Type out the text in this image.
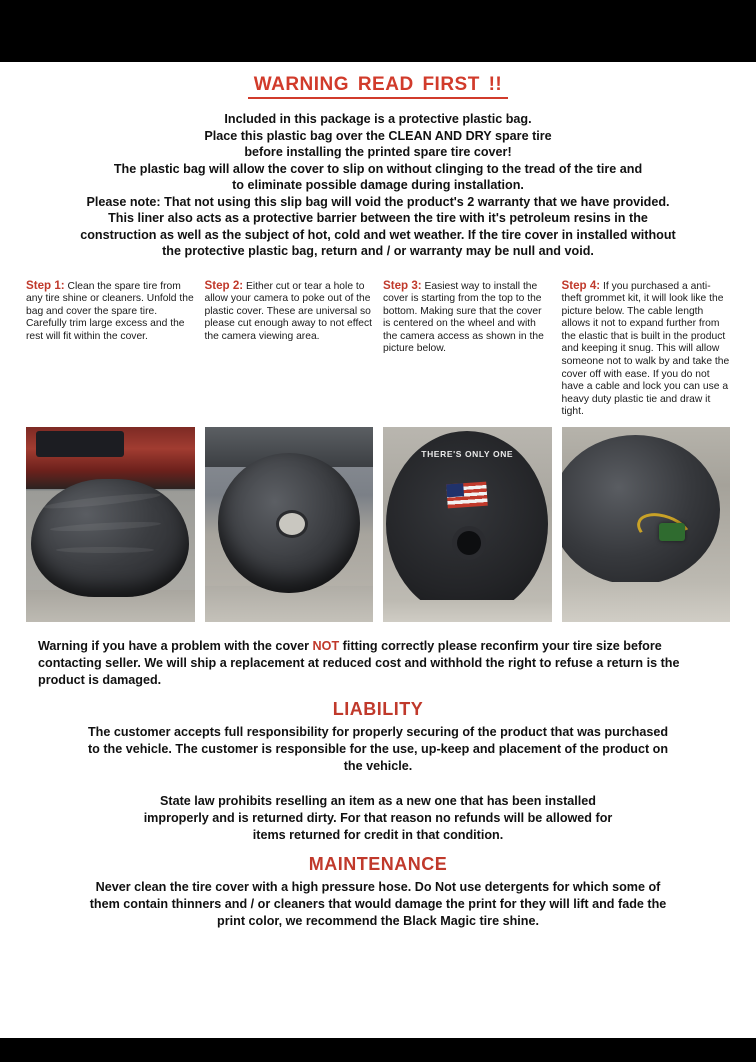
WARNING READ FIRST !!

Included in this package is a protective plastic bag.

Place this plastic bag over the CLEAN AND DRY spare tire

before installing the printed spare tire cover!

The plastic bag will allow the cover to slip on without clinging to the tread of the tire and

to eliminate possible damage during installation.

Please note: That not using this slip bag will void the product's 2 warranty that we have provided.

This liner also acts as a protective barrier between the tire with it's petroleum resins in the

construction as well as the subject of hot, cold and wet weather. If the tire cover in installed without

the protective plastic bag, return and / or warranty may be null and void.

Step 1: Clean the spare tire from any tire shine or cleaners. Unfold the bag and cover the spare tire. Carefully trim large excess and the rest will fit within the cover.
Step 2: Either cut or tear a hole to allow your camera to poke out of the plastic cover. These are universal so please cut enough away to not effect the camera viewing area.
Step 3: Easiest way to install the cover is starting from the top to the bottom. Making sure that the cover is centered on the wheel and with the camera access as shown in the picture below.
Step 4: If you purchased a anti-theft grommet kit, it will look like the picture below. The cable length allows it not to expand further from the elastic that is built in the product and keeping it snug. This will allow someone not to walk by and take the cover off with ease. If you do not have a cable and lock you can use a heavy duty plastic tie and draw it tight.
THERE'S ONLY ONE
Warning if you have a problem with the cover NOT fitting correctly please reconfirm your tire size before contacting seller. We will ship a replacement at reduced cost and withhold the right to refuse a return is the product is damaged.
LIABILITY

The customer accepts full responsibility for properly securing of the product that was purchased

to the vehicle. The customer is responsible for the use, up-keep and placement of the product on

the vehicle.

State law prohibits reselling an item as a new one that has been installed

improperly and is returned dirty. For that reason no refunds will be allowed for

items returned for credit in that condition.

MAINTENANCE

Never clean the tire cover with a high pressure hose. Do Not use detergents for which some of

them contain thinners and / or cleaners that would damage the print for they will lift and fade the

print color, we recommend the Black Magic tire shine.
